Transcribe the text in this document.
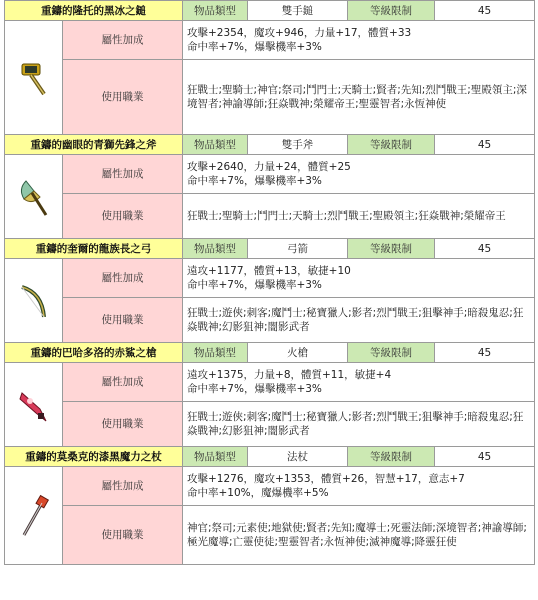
重鑄的隆托的黑冰之鎚		物品類型	雙手鎚	等級限制	45

	屬性加成	攻擊+2354，魔攻+946，力量+17，體質+33
命中率+7%，爆擊機率+3%			

	使用職業	狂戰士;聖騎士;神官;祭司;鬥門士;天騎士;賢者;先知;烈鬥戰王;聖殿領主;深境智者;神諭導師;狂焱戰神;榮耀帝王;聖靈智者;永恆神使			
重鑄的幽眼的青獅先鋒之斧		物品類型	雙手斧	等級限制	45

	屬性加成	攻擊+2640，力量+24，體質+25
命中率+7%，爆擊機率+3%			

	使用職業	狂戰士;聖騎士;鬥門士;天騎士;烈鬥戰王;聖殿領主;狂焱戰神;榮耀帝王			
重鑄的奎爾的龍族長之弓		物品類型	弓箭	等級限制	45

	屬性加成	遠攻+1177，體質+13，敏捷+10
命中率+7%，爆擊機率+3%			

	使用職業	狂戰士;遊俠;刺客;魔鬥士;秘寶獵人;影者;烈鬥戰王;狙擊神手;暗殺鬼忍;狂焱戰神;幻影狙神;闇影武者			
重鑄的巴哈多洛的赤鯊之槍		物品類型	火槍	等級限制	45

	屬性加成	遠攻+1375，力量+8，體質+11，敏捷+4
命中率+7%，爆擊機率+3%			

	使用職業	狂戰士;遊俠;刺客;魔鬥士;秘寶獵人;影者;烈鬥戰王;狙擊神手;暗殺鬼忍;狂焱戰神;幻影狙神;闇影武者			
重鑄的莫桑克的漆黑魔力之杖		物品類型	法杖	等級限制	45

	屬性加成	攻擊+1276，魔攻+1353，體質+26，智慧+17，意志+7
命中率+10%，魔爆機率+5%			

	使用職業	神官;祭司;元素使;地獄使;賢者;先知;魔導士;死靈法師;深境智者;神諭導師;極光魔導;亡靈使徒;聖靈智者;永恆神使;滅神魔導;降靈狂使			
